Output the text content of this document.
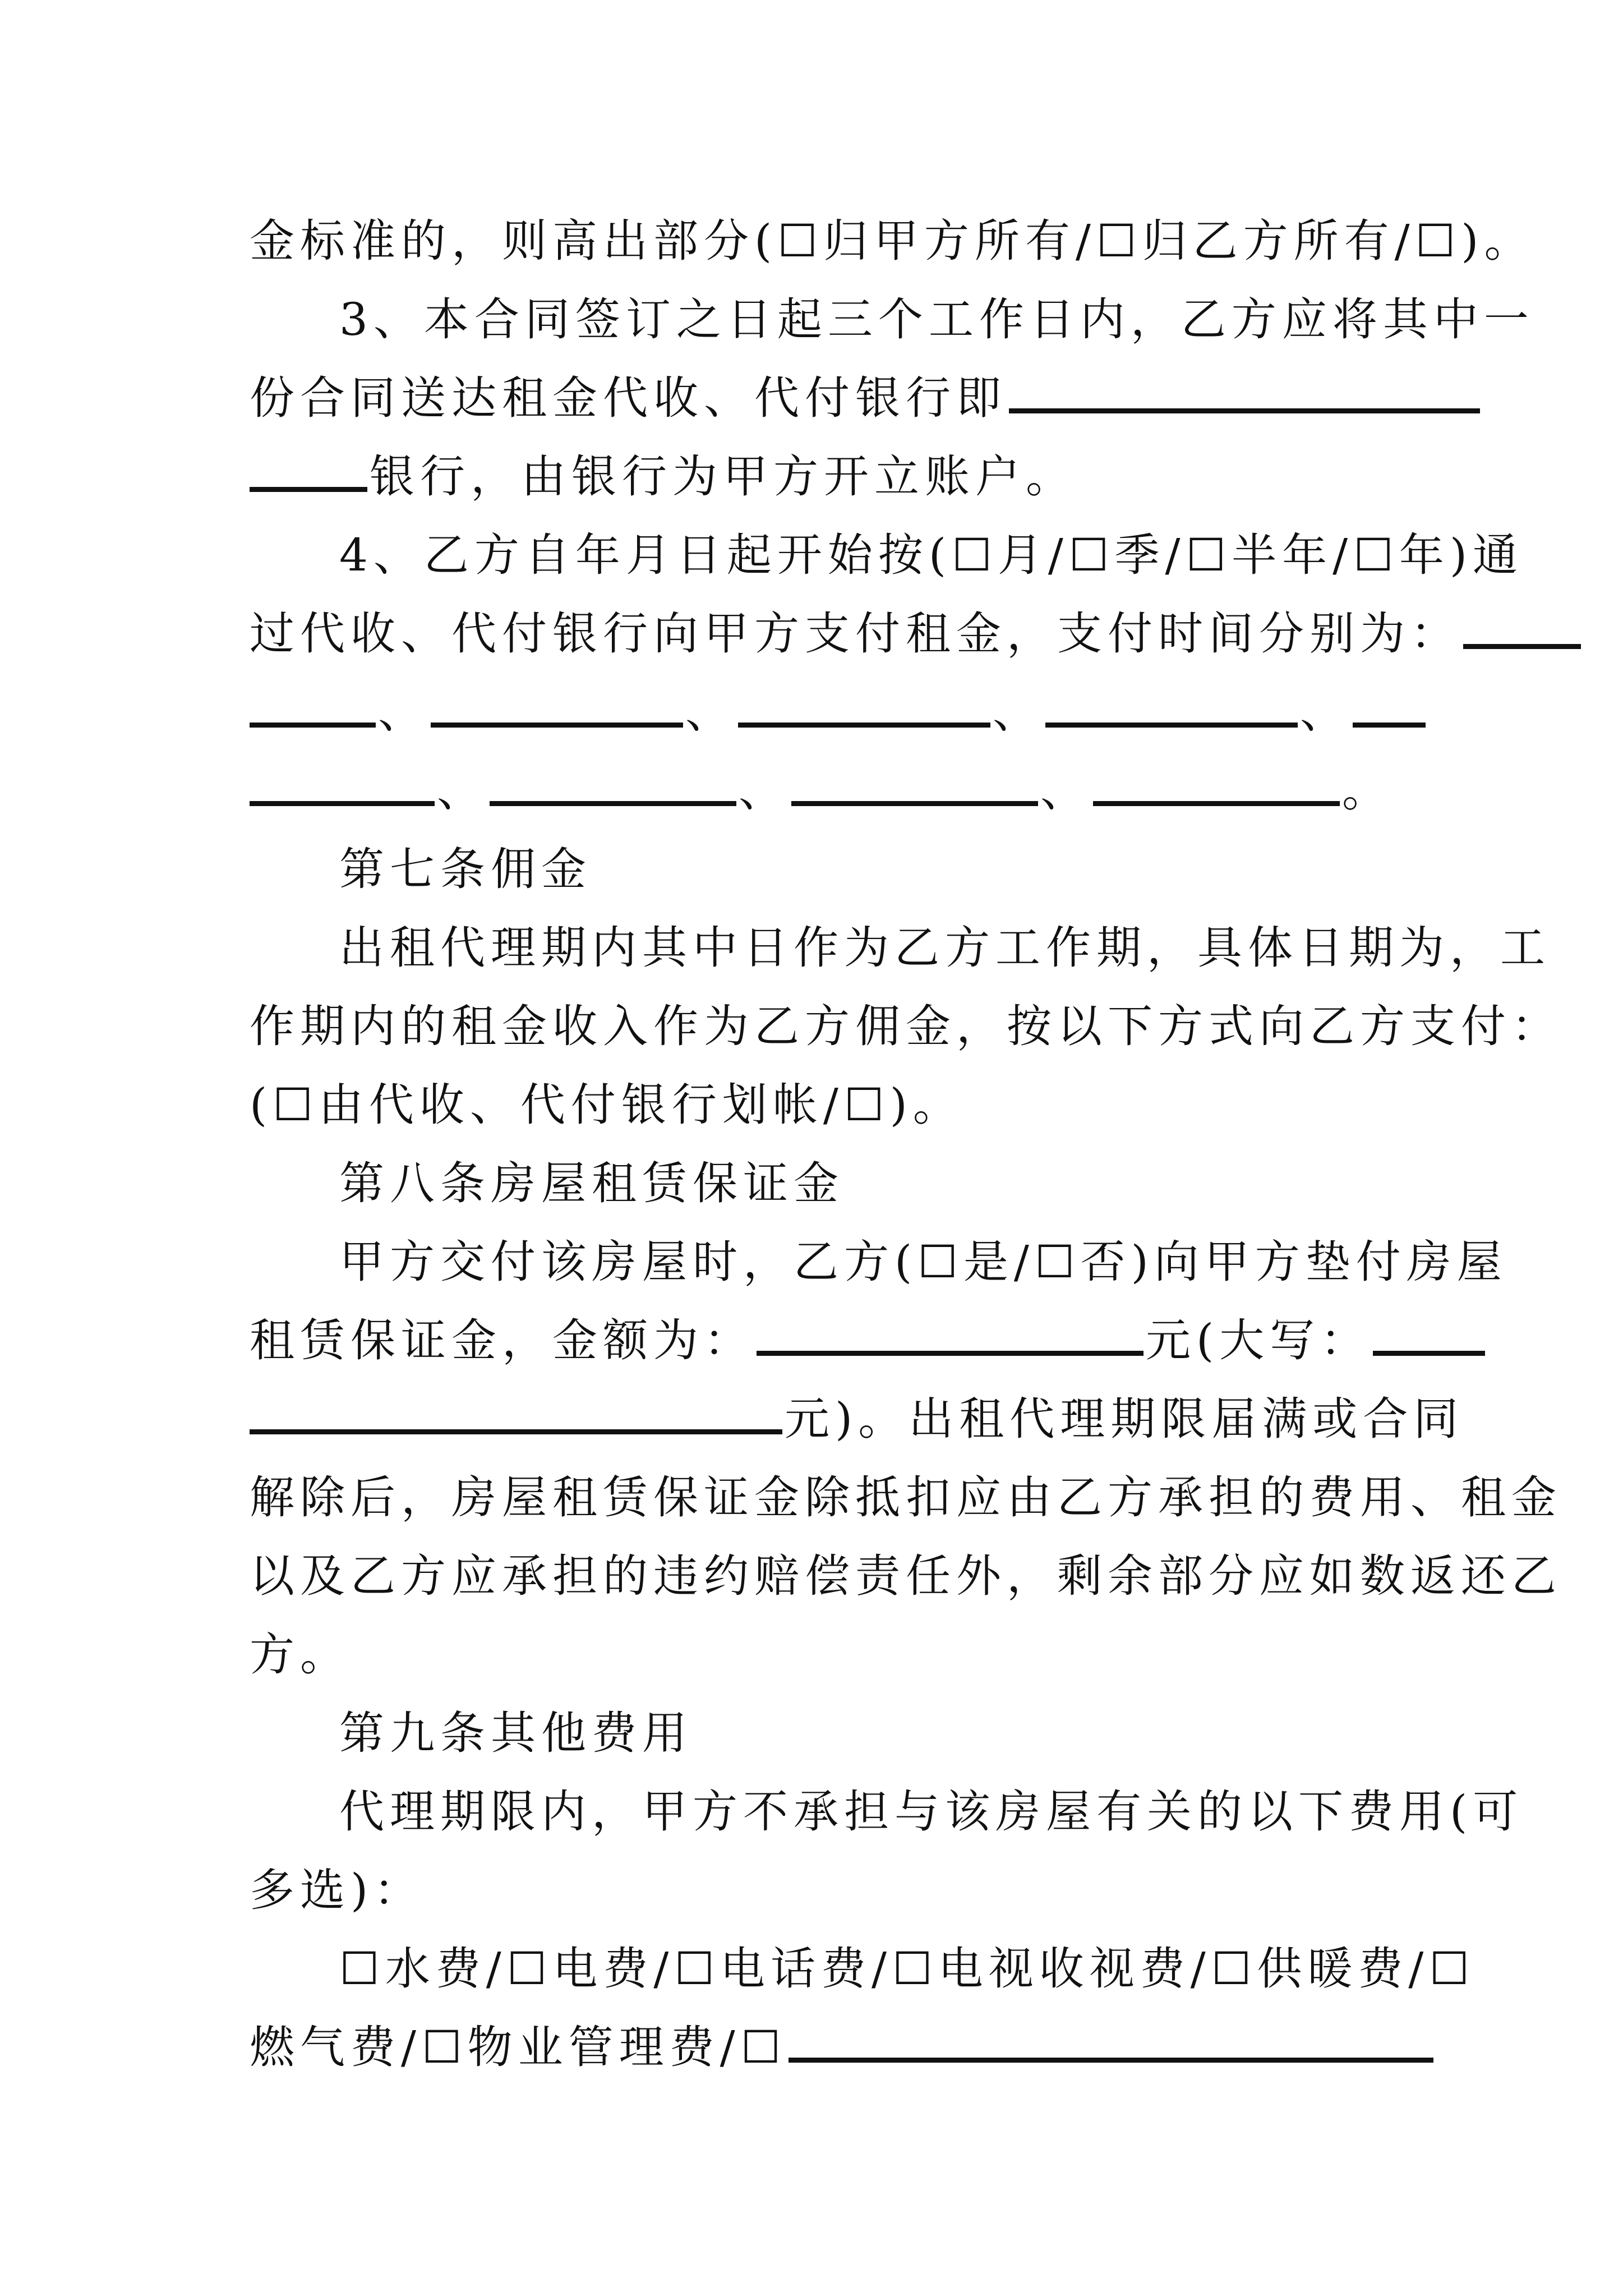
金标准的，则高出部分(☐归甲方所有/☐归乙方所有/☐)。
3、本合同签订之日起三个工作日内，乙方应将其中一
份合同送达租金代收、代付银行即
银行，由银行为甲方开立账户。
4、乙方自年月日起开始按(☐月/☐季/☐半年/☐年)通
过代收、代付银行向甲方支付租金，支付时间分别为：
、	、	、	、
、	、	、	。
第七条佣金
出租代理期内其中日作为乙方工作期，具体日期为，工
作期内的租金收入作为乙方佣金，按以下方式向乙方支付：
(☐由代收、代付银行划帐/☐)。
第八条房屋租赁保证金
甲方交付该房屋时，乙方(☐是/☐否)向甲方垫付房屋
租赁保证金，金额为：	元(大写：
元)。出租代理期限届满或合同
解除后，房屋租赁保证金除抵扣应由乙方承担的费用、租金
以及乙方应承担的违约赔偿责任外，剩余部分应如数返还乙
方。
第九条其他费用
代理期限内，甲方不承担与该房屋有关的以下费用(可
多选)：
☐水费/☐电费/☐电话费/☐电视收视费/☐供暖费/☐
燃气费/☐物业管理费/☐
